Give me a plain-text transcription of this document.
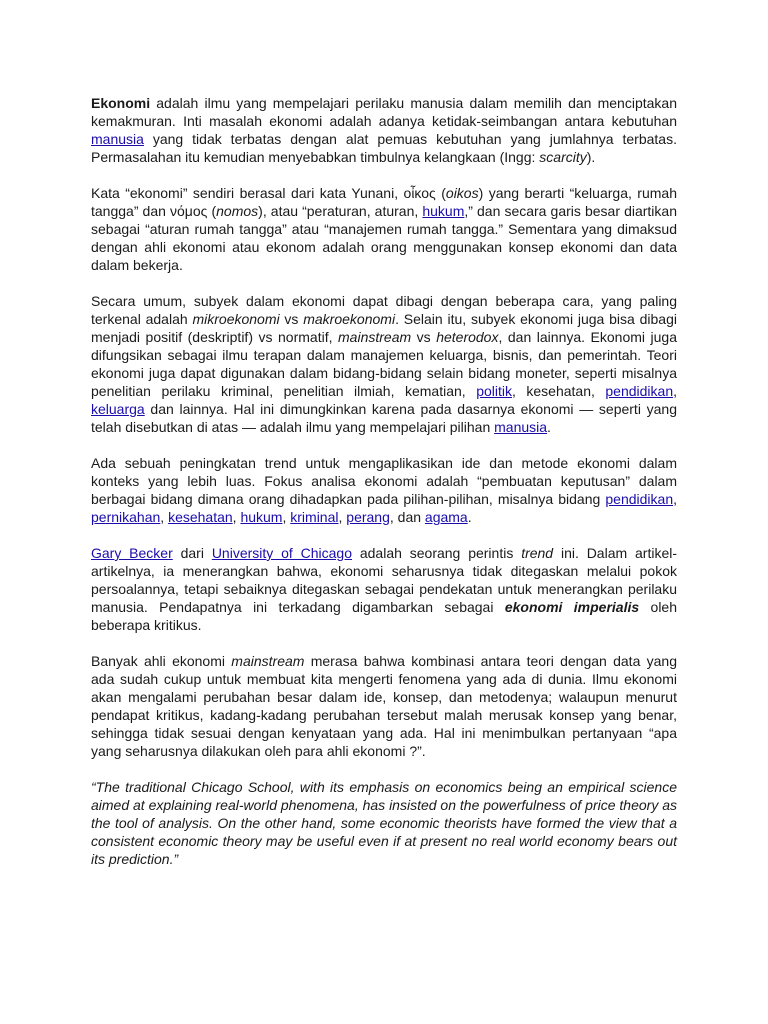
Ekonomi adalah ilmu yang mempelajari perilaku manusia dalam memilih dan menciptakan kemakmuran. Inti masalah ekonomi adalah adanya ketidak-seimbangan antara kebutuhan manusia yang tidak terbatas dengan alat pemuas kebutuhan yang jumlahnya terbatas. Permasalahan itu kemudian menyebabkan timbulnya kelangkaan (Ingg: scarcity).

Kata “ekonomi” sendiri berasal dari kata Yunani, οἶκος (oikos) yang berarti “keluarga, rumah tangga” dan νόμος (nomos), atau “peraturan, aturan, hukum,” dan secara garis besar diartikan sebagai “aturan rumah tangga” atau “manajemen rumah tangga.” Sementara yang dimaksud dengan ahli ekonomi atau ekonom adalah orang menggunakan konsep ekonomi dan data dalam bekerja.

Secara umum, subyek dalam ekonomi dapat dibagi dengan beberapa cara, yang paling terkenal adalah mikroekonomi vs makroekonomi. Selain itu, subyek ekonomi juga bisa dibagi menjadi positif (deskriptif) vs normatif, mainstream vs heterodox, dan lainnya. Ekonomi juga difungsikan sebagai ilmu terapan dalam manajemen keluarga, bisnis, dan pemerintah. Teori ekonomi juga dapat digunakan dalam bidang-bidang selain bidang moneter, seperti misalnya penelitian perilaku kriminal, penelitian ilmiah, kematian, politik, kesehatan, pendidikan, keluarga dan lainnya. Hal ini dimungkinkan karena pada dasarnya ekonomi — seperti yang telah disebutkan di atas — adalah ilmu yang mempelajari pilihan manusia.

Ada sebuah peningkatan trend untuk mengaplikasikan ide dan metode ekonomi dalam konteks yang lebih luas. Fokus analisa ekonomi adalah “pembuatan keputusan” dalam berbagai bidang dimana orang dihadapkan pada pilihan-pilihan, misalnya bidang pendidikan, pernikahan, kesehatan, hukum, kriminal, perang, dan agama.

Gary Becker dari University of Chicago adalah seorang perintis trend ini. Dalam artikel-artikelnya, ia menerangkan bahwa, ekonomi seharusnya tidak ditegaskan melalui pokok persoalannya, tetapi sebaiknya ditegaskan sebagai pendekatan untuk menerangkan perilaku manusia. Pendapatnya ini terkadang digambarkan sebagai ekonomi imperialis oleh beberapa kritikus.

Banyak ahli ekonomi mainstream merasa bahwa kombinasi antara teori dengan data yang ada sudah cukup untuk membuat kita mengerti fenomena yang ada di dunia. Ilmu ekonomi akan mengalami perubahan besar dalam ide, konsep, dan metodenya; walaupun menurut pendapat kritikus, kadang-kadang perubahan tersebut malah merusak konsep yang benar, sehingga tidak sesuai dengan kenyataan yang ada. Hal ini menimbulkan pertanyaan “apa yang seharusnya dilakukan oleh para ahli ekonomi ?”.

“The traditional Chicago School, with its emphasis on economics being an empirical science aimed at explaining real-world phenomena, has insisted on the powerfulness of price theory as the tool of analysis. On the other hand, some economic theorists have formed the view that a consistent economic theory may be useful even if at present no real world economy bears out its prediction.”
